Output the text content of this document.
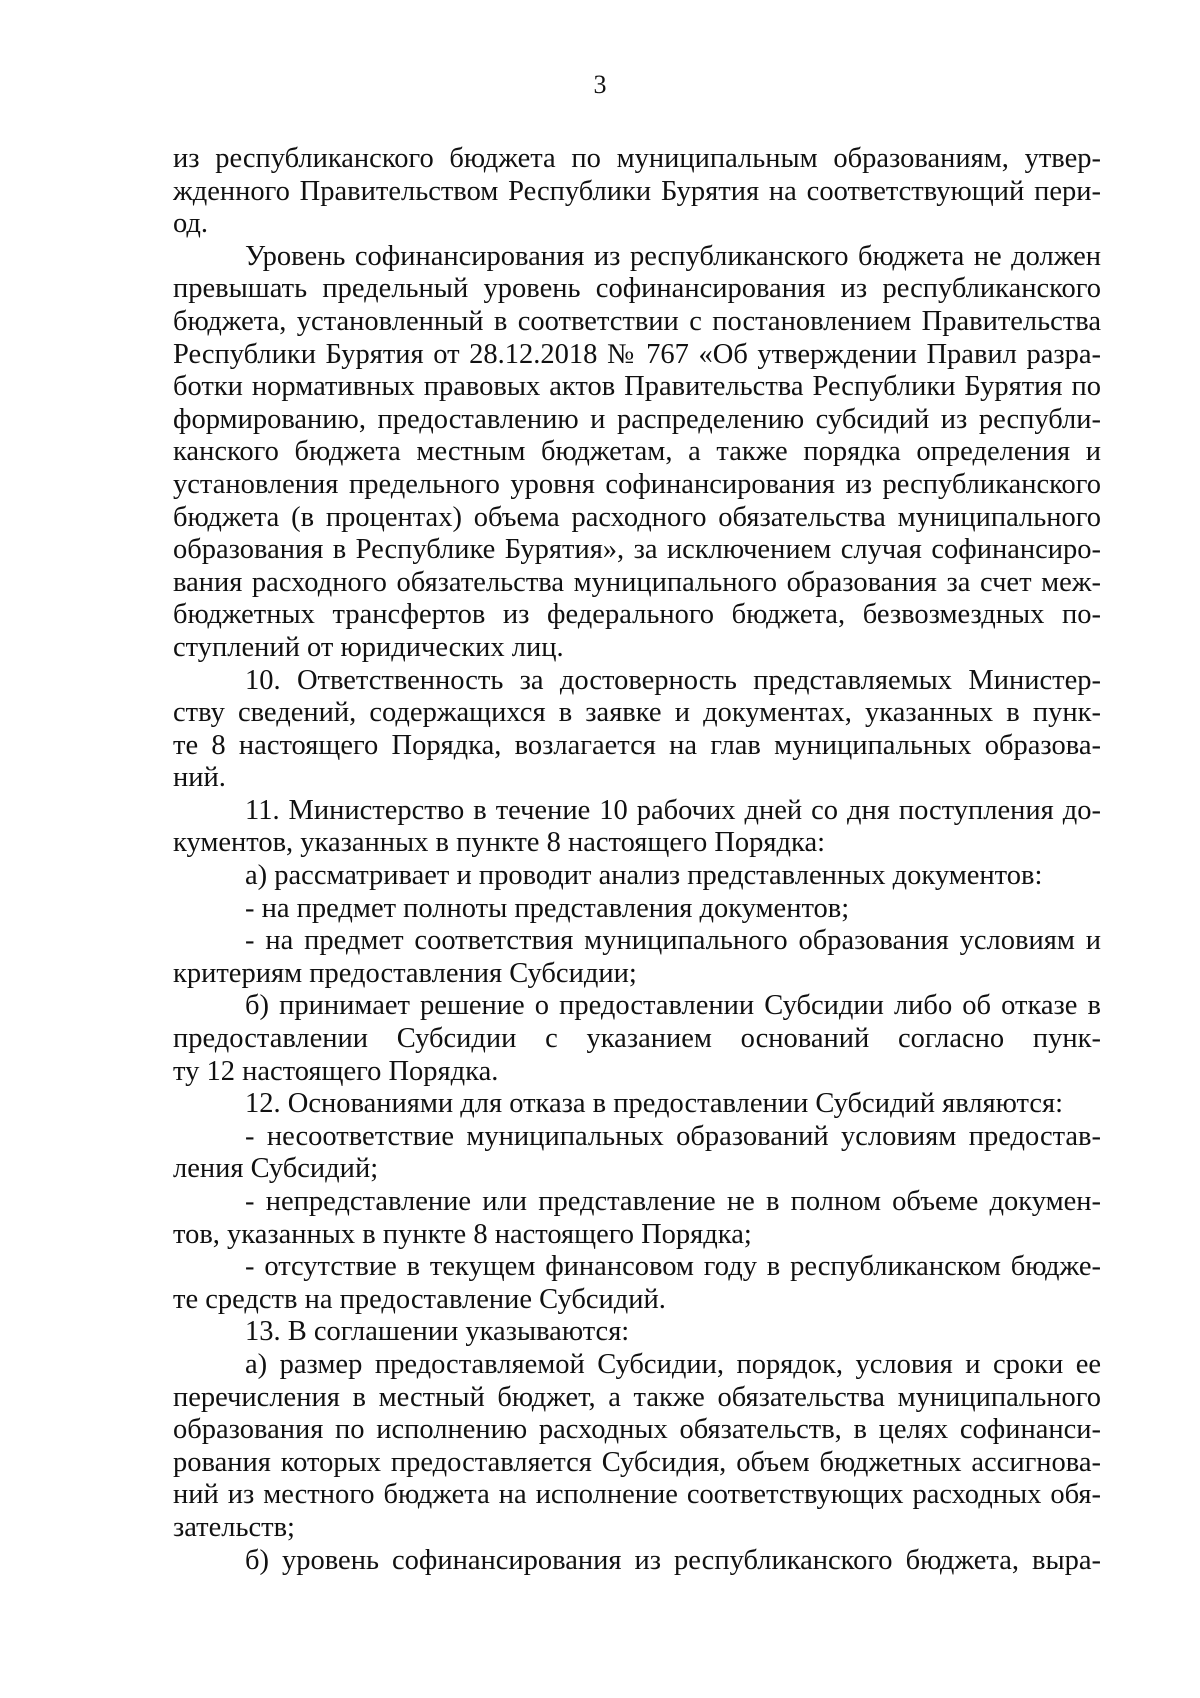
3
из республиканского бюджета по муниципальным образованиям, утвер-
жденного Правительством Республики Бурятия на соответствующий пери-
од.
Уровень софинансирования из республиканского бюджета не должен
превышать предельный уровень софинансирования из республиканского
бюджета, установленный в соответствии с постановлением Правительства
Республики Бурятия от 28.12.2018 № 767 «Об утверждении Правил разра-
ботки нормативных правовых актов Правительства Республики Бурятия по
формированию, предоставлению и распределению субсидий из республи-
канского бюджета местным бюджетам, а также порядка определения и
установления предельного уровня софинансирования из республиканского
бюджета (в процентах) объема расходного обязательства муниципального
образования в Республике Бурятия», за исключением случая софинансиро-
вания расходного обязательства муниципального образования за счет меж-
бюджетных трансфертов из федерального бюджета, безвозмездных по-
ступлений от юридических лиц.
10. Ответственность за достоверность представляемых Министер-
ству сведений, содержащихся в заявке и документах, указанных в пунк-
те 8 настоящего Порядка, возлагается на глав муниципальных образова-
ний.
11. Министерство в течение 10 рабочих дней со дня поступления до-
кументов, указанных в пункте 8 настоящего Порядка:
а) рассматривает и проводит анализ представленных документов:
- на предмет полноты представления документов;
- на предмет соответствия муниципального образования условиям и
критериям предоставления Субсидии;
б) принимает решение о предоставлении Субсидии либо об отказе в
предоставлении Субсидии с указанием оснований согласно пунк-
ту 12 настоящего Порядка.
12. Основаниями для отказа в предоставлении Субсидий являются:
- несоответствие муниципальных образований условиям предостав-
ления Субсидий;
- непредставление или представление не в полном объеме докумен-
тов, указанных в пункте 8 настоящего Порядка;
- отсутствие в текущем финансовом году в республиканском бюдже-
те средств на предоставление Субсидий.
13. В соглашении указываются:
а) размер предоставляемой Субсидии, порядок, условия и сроки ее
перечисления в местный бюджет, а также обязательства муниципального
образования по исполнению расходных обязательств, в целях софинанси-
рования которых предоставляется Субсидия, объем бюджетных ассигнова-
ний из местного бюджета на исполнение соответствующих расходных обя-
зательств;
б) уровень софинансирования из республиканского бюджета, выра-
